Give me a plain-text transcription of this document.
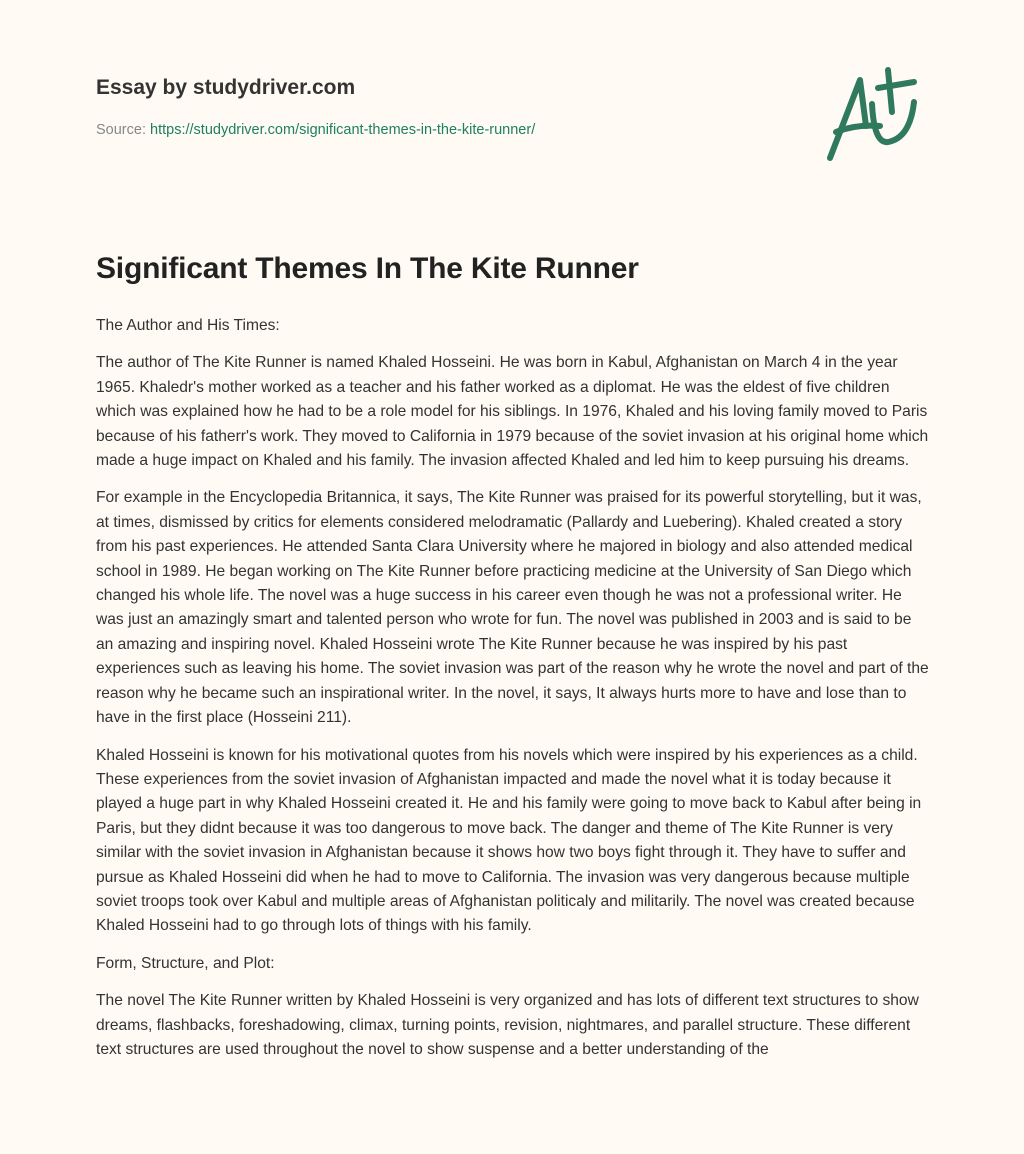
Essay by studydriver.com
Source: https://studydriver.com/significant-themes-in-the-kite-runner/
Significant Themes In The Kite Runner

The Author and His Times:

The author of The Kite Runner is named Khaled Hosseini. He was born in Kabul, Afghanistan on March 4 in the year 1965. Khaledr's mother worked as a teacher and his father worked as a diplomat. He was the eldest of five children which was explained how he had to be a role model for his siblings. In 1976, Khaled and his loving family moved to Paris because of his fatherr's work. They moved to California in 1979 because of the soviet invasion at his original home which made a huge impact on Khaled and his family. The invasion affected Khaled and led him to keep pursuing his dreams.

For example in the Encyclopedia Britannica, it says, The Kite Runner was praised for its powerful storytelling, but it was, at times, dismissed by critics for elements considered melodramatic (Pallardy and Luebering). Khaled created a story from his past experiences. He attended Santa Clara University where he majored in biology and also attended medical school in 1989. He began working on The Kite Runner before practicing medicine at the University of San Diego which changed his whole life. The novel was a huge success in his career even though he was not a professional writer. He was just an amazingly smart and talented person who wrote for fun. The novel was published in 2003 and is said to be an amazing and inspiring novel. Khaled Hosseini wrote The Kite Runner because he was inspired by his past experiences such as leaving his home. The soviet invasion was part of the reason why he wrote the novel and part of the reason why he became such an inspirational writer. In the novel, it says, It always hurts more to have and lose than to have in the first place (Hosseini 211).

Khaled Hosseini is known for his motivational quotes from his novels which were inspired by his experiences as a child. These experiences from the soviet invasion of Afghanistan impacted and made the novel what it is today because it played a huge part in why Khaled Hosseini created it. He and his family were going to move back to Kabul after being in Paris, but they didnt because it was too dangerous to move back. The danger and theme of The Kite Runner is very similar with the soviet invasion in Afghanistan because it shows how two boys fight through it. They have to suffer and pursue as Khaled Hosseini did when he had to move to California. The invasion was very dangerous because multiple soviet troops took over Kabul and multiple areas of Afghanistan politicaly and militarily. The novel was created because Khaled Hosseini had to go through lots of things with his family.

Form, Structure, and Plot:

The novel The Kite Runner written by Khaled Hosseini is very organized and has lots of different text structures to show dreams, flashbacks, foreshadowing, climax, turning points, revision, nightmares, and parallel structure. These different text structures are used throughout the novel to show suspense and a better understanding of the
